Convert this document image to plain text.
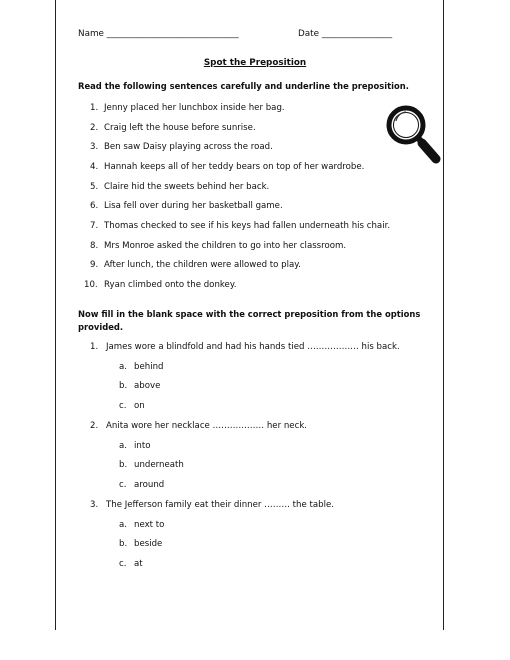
Name ______________________________	Date ________________
Spot the Preposition
Read the following sentences carefully and underline the preposition.
1. Jenny placed her lunchbox inside her bag.
2. Craig left the house before sunrise.
3. Ben saw Daisy playing across the road.
4. Hannah keeps all of her teddy bears on top of her wardrobe.
5. Claire hid the sweets behind her back.
6. Lisa fell over during her basketball game.
7. Thomas checked to see if his keys had fallen underneath his chair.
8. Mrs Monroe asked the children to go into her classroom.
9. After lunch, the children were allowed to play.
10. Ryan climbed onto the donkey.
Now fill in the blank space with the correct preposition from the options provided.
1. James wore a blindfold and had his hands tied ……………… his back.
a. behind
b. above
c. on
2. Anita wore her necklace ……………… her neck.
a. into
b. underneath
c. around
3. The Jefferson family eat their dinner ……… the table.
a. next to
b. beside
c. at
